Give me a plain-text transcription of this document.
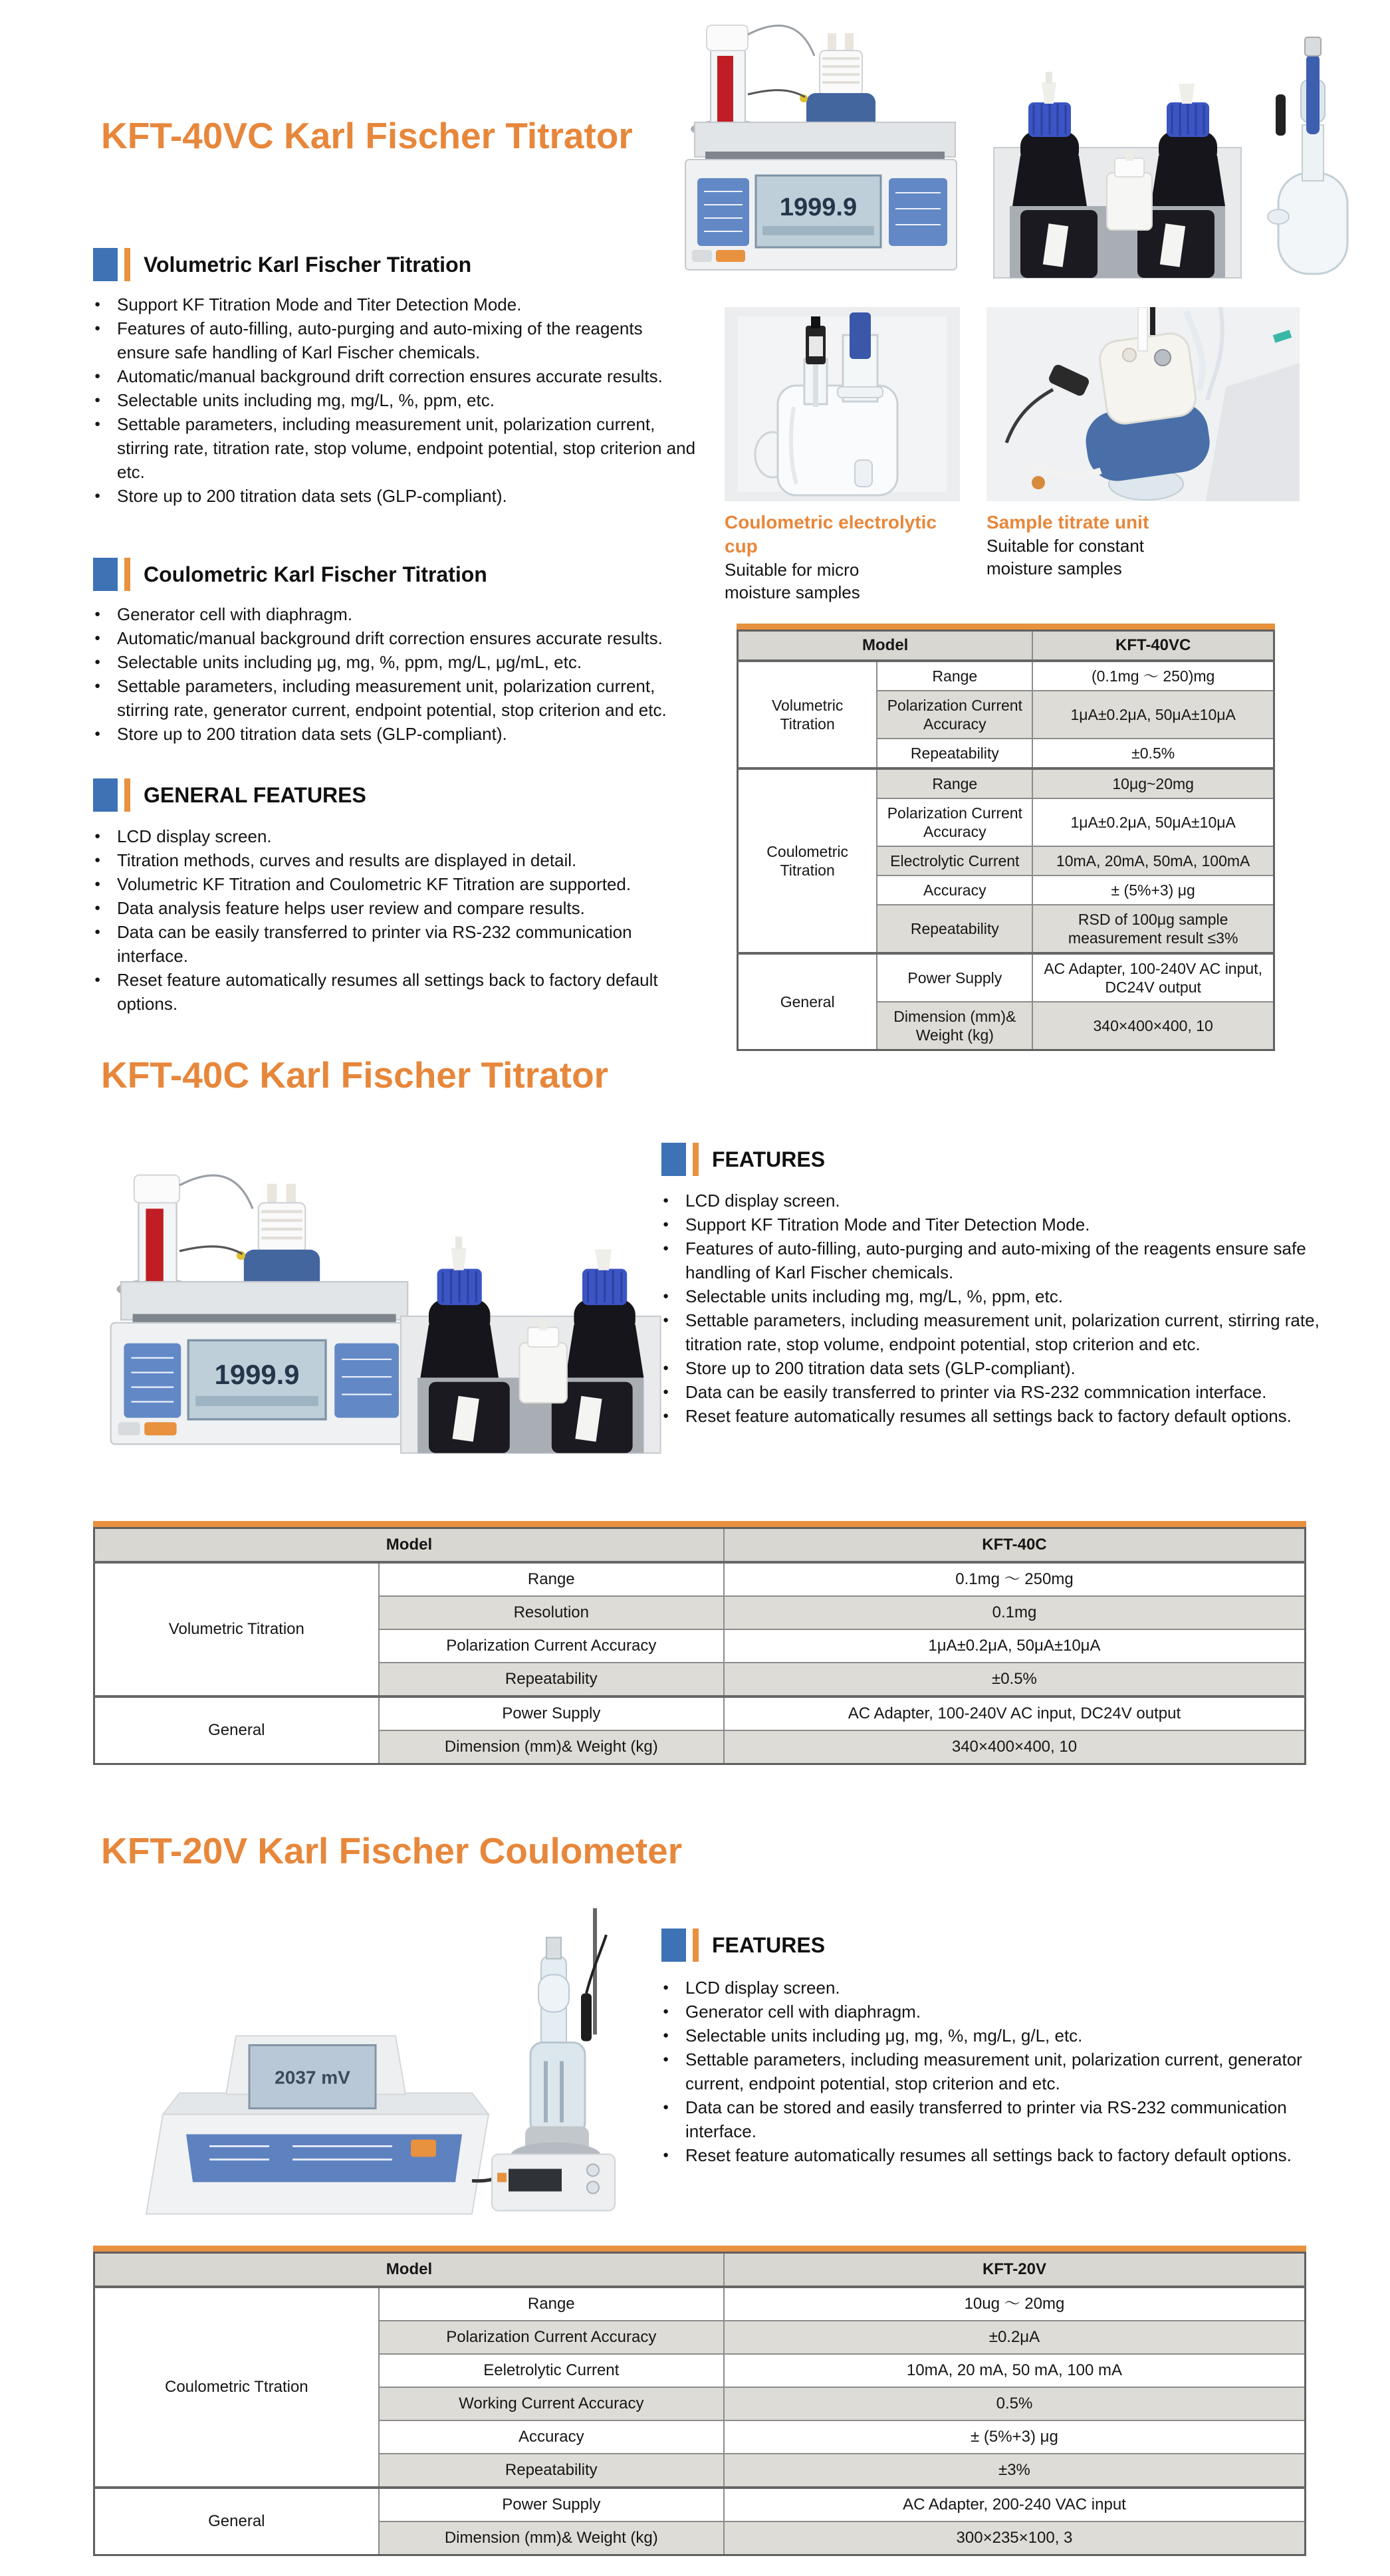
KFT-40VC Karl Fischer Titrator
1999.9
Volumetric Karl Fischer Titration
●
Support KF Titration Mode and Titer Detection Mode.
●
Features of auto-filling, auto-purging and auto-mixing of the reagents ensure safe handling of Karl Fischer chemicals.
●
Automatic/manual background drift correction ensures accurate results.
●
Selectable units including mg, mg/L, %, ppm, etc.
●
Settable parameters, including measurement unit, polarization current, stirring rate, titration rate, stop volume, endpoint potential, stop criterion and etc.
●
Store up to 200 titration data sets (GLP-compliant).
Coulometric Karl Fischer Titration
●
Generator cell with diaphragm.
●
Automatic/manual background drift correction ensures accurate results.
●
Selectable units including μg, mg, %, ppm, mg/L, μg/mL, etc.
●
Settable parameters, including measurement unit, polarization current, stirring rate, generator current, endpoint potential, stop criterion and etc.
●
Store up to 200 titration data sets (GLP-compliant).
GENERAL FEATURES
●
LCD display screen.
●
Titration methods, curves and results are displayed in detail.
●
Volumetric KF Titration and Coulometric KF Titration are supported.
●
Data analysis feature helps user review and compare results.
●
Data can be easily transferred to printer via RS-232 communication interface.
●
Reset feature automatically resumes all settings back to factory default options.
Coulometric electrolytic cup
Suitable for micro moisture samples
Sample titrate unit
Suitable for constant moisture samples
Model		KFT-40VC
Volumetric Titration	Range	(0.1mg ～ 250)mg
	Polarization Current Accuracy	1μA±0.2μA, 50μA±10μA
	Repeatability	±0.5%
Coulometric Titration	Range	10μg~20mg
	Polarization Current Accuracy	1μA±0.2μA, 50μA±10μA
	Electrolytic Current	10mA, 20mA, 50mA, 100mA
	Accuracy	± (5%+3) μg
	Repeatability	RSD of 100μg sample measurement result ≤3%
General	Power Supply	AC Adapter, 100-240V AC input, DC24V output
	Dimension (mm)& Weight (kg)	340×400×400, 10
KFT-40C Karl Fischer Titrator
1999.9
FEATURES
●
LCD display screen.
●
Support KF Titration Mode and Titer Detection Mode.
●
Features of auto-filling, auto-purging and auto-mixing of the reagents ensure safe handling of Karl Fischer chemicals.
●
Selectable units including mg, mg/L, %, ppm, etc.
●
Settable parameters, including measurement unit, polarization current, stirring rate, titration rate, stop volume, endpoint potential, stop criterion and etc.
●
Store up to 200 titration data sets (GLP-compliant).
●
Data can be easily transferred to printer via RS-232 commnication interface.
●
Reset feature automatically resumes all settings back to factory default options.
Model		KFT-40C
Volumetric Titration	Range	0.1mg ～ 250mg
	Resolution	0.1mg
	Polarization Current Accuracy	1μA±0.2μA, 50μA±10μA
	Repeatability	±0.5%
General	Power Supply	AC Adapter, 100-240V AC input, DC24V output
	Dimension (mm)& Weight (kg)	340×400×400, 10
KFT-20V Karl Fischer Coulometer
2037 mV
FEATURES
●
LCD display screen.
●
Generator cell with diaphragm.
●
Selectable units including μg, mg, %, mg/L, g/L, etc.
●
Settable parameters, including measurement unit, polarization current, generator current, endpoint potential, stop criterion and etc.
●
Data can be stored and easily transferred to printer via RS-232 communication interface.
●
Reset feature automatically resumes all settings back to factory default options.
Model		KFT-20V
Coulometric Ttration	Range	10ug ～ 20mg
	Polarization Current Accuracy	±0.2μA
	Eeletrolytic Current	10mA, 20 mA, 50 mA, 100 mA
	Working Current Accuracy	0.5%
	Accuracy	± (5%+3) μg
	Repeatability	±3%
General	Power Supply	AC Adapter, 200-240 VAC input
	Dimension (mm)& Weight (kg)	300×235×100, 3
